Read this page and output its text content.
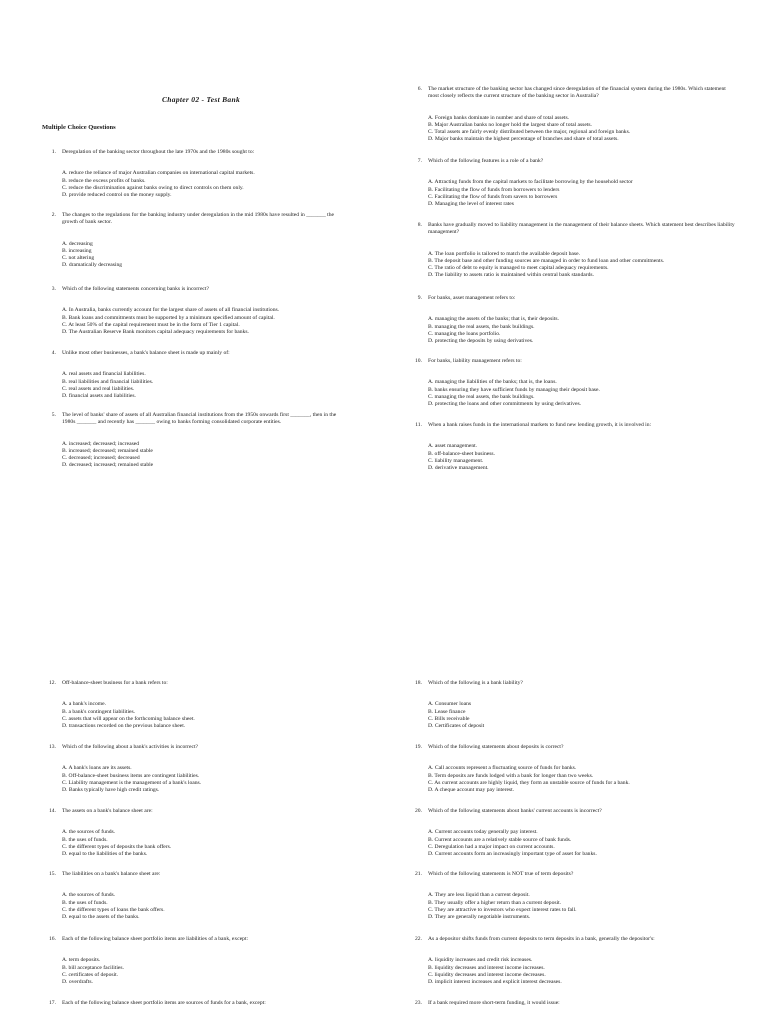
Chapter 02 - Test Bank
Multiple Choice Questions
1.	Deregulation of the banking sector throughout the late 1970s and the 1980s sought to:
A. reduce the reliance of major Australian companies on international capital markets.
B. reduce the excess profits of banks.
C. reduce the discrimination against banks owing to direct controls on them only.
D. provide reduced control on the money supply.
2.	The changes to the regulations for the banking industry under deregulation in the mid 1980s have resulted in _______ the growth of bank sector.
A. decreasing
B. increasing
C. not altering
D. dramatically decreasing
3.	Which of the following statements concerning banks is incorrect?
A. In Australia, banks currently account for the largest share of assets of all financial institutions.
B. Bank loans and commitments must be supported by a minimum specified amount of capital.
C. At least 50% of the capital requirement must be in the form of Tier 1 capital.
D. The Australian Reserve Bank monitors capital adequacy requirements for banks.
4.	Unlike most other businesses, a bank's balance sheet is made up mainly of:
A. real assets and financial liabilities.
B. real liabilities and financial liabilities.
C. real assets and real liabilities.
D. financial assets and liabilities.
5.	The level of banks' share of assets of all Australian financial institutions from the 1950s onwards first _______, then in the 1980s _______ and recently has _______ owing to banks forming consolidated corporate entities.
A. increased; decreased; increased
B. increased; decreased; remained stable
C. decreased; increased; decreased
D. decreased; increased; remained stable
6.	The market structure of the banking sector has changed since deregulation of the financial system during the 1980s. Which statement most closely reflects the current structure of the banking sector in Australia?
A. Foreign banks dominate in number and share of total assets.
B. Major Australian banks no longer hold the largest share of total assets.
C. Total assets are fairly evenly distributed between the major, regional and foreign banks.
D. Major banks maintain the highest percentage of branches and share of total assets.
7.	Which of the following features is a role of a bank?
A. Attracting funds from the capital markets to facilitate borrowing by the household sector
B. Facilitating the flow of funds from borrowers to lenders
C. Facilitating the flow of funds from savers to borrowers
D. Managing the level of interest rates
8.	Banks have gradually moved to liability management in the management of their balance sheets. Which statement best describes liability management?
A. The loan portfolio is tailored to match the available deposit base.
B. The deposit base and other funding sources are managed in order to fund loan and other commitments.
C. The ratio of debt to equity is managed to meet capital adequacy requirements.
D. The liability to assets ratio is maintained within central bank standards.
9.	For banks, asset management refers to:
A. managing the assets of the banks; that is, their deposits.
B. managing the real assets, the bank buildings.
C. managing the loans portfolio.
D. protecting the deposits by using derivatives.
10.	For banks, liability management refers to:
A. managing the liabilities of the banks; that is, the loans.
B. banks ensuring they have sufficient funds by managing their deposit base.
C. managing the real assets, the bank buildings.
D. protecting the loans and other commitments by using derivatives.
11.	When a bank raises funds in the international markets to fund new lending growth, it is involved in:
A. asset management.
B. off-balance-sheet business.
C. liability management.
D. derivative management.
12.	Off-balance-sheet business for a bank refers to:
A. a bank's income.
B. a bank's contingent liabilities.
C. assets that will appear on the forthcoming balance sheet.
D. transactions recorded on the previous balance sheet.
13.	Which of the following about a bank's activities is incorrect?
A. A bank's loans are its assets.
B. Off-balance-sheet business items are contingent liabilities.
C. Liability management is the management of a bank's loans.
D. Banks typically have high credit ratings.
14.	The assets on a bank's balance sheet are:
A. the sources of funds.
B. the uses of funds.
C. the different types of deposits the bank offers.
D. equal to the liabilities of the banks.
15.	The liabilities on a bank's balance sheet are:
A. the sources of funds.
B. the uses of funds.
C. the different types of loans the bank offers.
D. equal to the assets of the banks.
16.	Each of the following balance sheet portfolio items are liabilities of a bank, except:
A. term deposits.
B. bill acceptance facilities.
C. certificates of deposit.
D. overdrafts.
17.	Each of the following balance sheet portfolio items are sources of funds for a bank, except:
18.	Which of the following is a bank liability?
A. Consumer loans
B. Lease finance
C. Bills receivable
D. Certificates of deposit
19.	Which of the following statements about deposits is correct?
A. Call accounts represent a fluctuating source of funds for banks.
B. Term deposits are funds lodged with a bank for longer than two weeks.
C. As current accounts are highly liquid, they form an unstable source of funds for a bank.
D. A cheque account may pay interest.
20.	Which of the following statements about banks' current accounts is incorrect?
A. Current accounts today generally pay interest.
B. Current accounts are a relatively stable source of bank funds.
C. Deregulation had a major impact on current accounts.
D. Current accounts form an increasingly important type of asset for banks.
21.	Which of the following statements is NOT true of term deposits?
A. They are less liquid than a current deposit.
B. They usually offer a higher return than a current deposit.
C. They are attractive to investors who expect interest rates to fall.
D. They are generally negotiable instruments.
22.	As a depositor shifts funds from current deposits to term deposits in a bank, generally the depositor's:
A. liquidity increases and credit risk increases.
B. liquidity decreases and interest income increases.
C. liquidity decreases and interest income decreases.
D. implicit interest increases and explicit interest decreases.
23.	If a bank required more short-term funding, it would issue:
